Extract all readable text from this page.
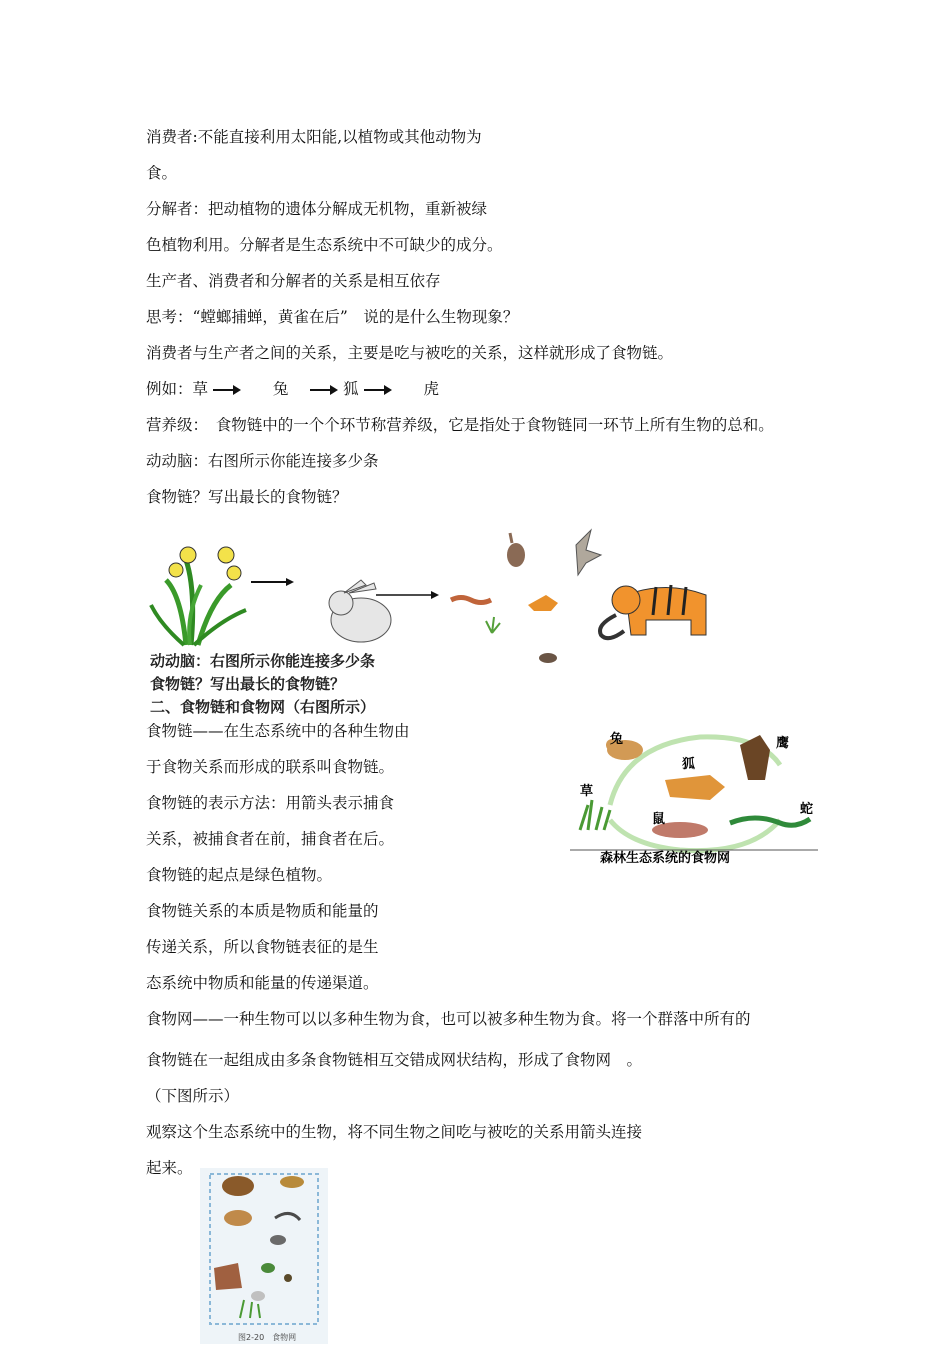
消费者:不能直接利用太阳能,以植物或其他动物为
食。
分解者：把动植物的遗体分解成无机物，重新被绿
色植物利用。分解者是生态系统中不可缺少的成分。
生产者、消费者和分解者的关系是相互依存
思考：“螳螂捕蝉，黄雀在后”　说的是什么生物现象？
消费者与生产者之间的关系，主要是吃与被吃的关系，这样就形成了食物链。
例如：草	兔	狐	虎
营养级：　食物链中的一个个环节称营养级，它是指处于食物链同一环节上所有生物的总和。
动动脑：右图所示你能连接多少条
食物链？写出最长的食物链？
动动脑：右图所示你能连接多少条
食物链？写出最长的食物链？
二、食物链和食物网（右图所示）
食物链——在生态系统中的各种生物由
于食物关系而形成的联系叫食物链。
食物链的表示方法：用箭头表示捕食
关系，被捕食者在前，捕食者在后。
食物链的起点是绿色植物。
食物链关系的本质是物质和能量的
传递关系，所以食物链表征的是生
态系统中物质和能量的传递渠道。
食物网——一种生物可以以多种生物为食，也可以被多种生物为食。将一个群落中所有的
食物链在一起组成由多条食物链相互交错成网状结构，形成了食物网　。
（下图所示）
观察这个生态系统中的生物，将不同生物之间吃与被吃的关系用箭头连接
起来。
兔	鹰
狐
草
鼠
蛇
森林生态系统的食物网
图2-20　食物网
